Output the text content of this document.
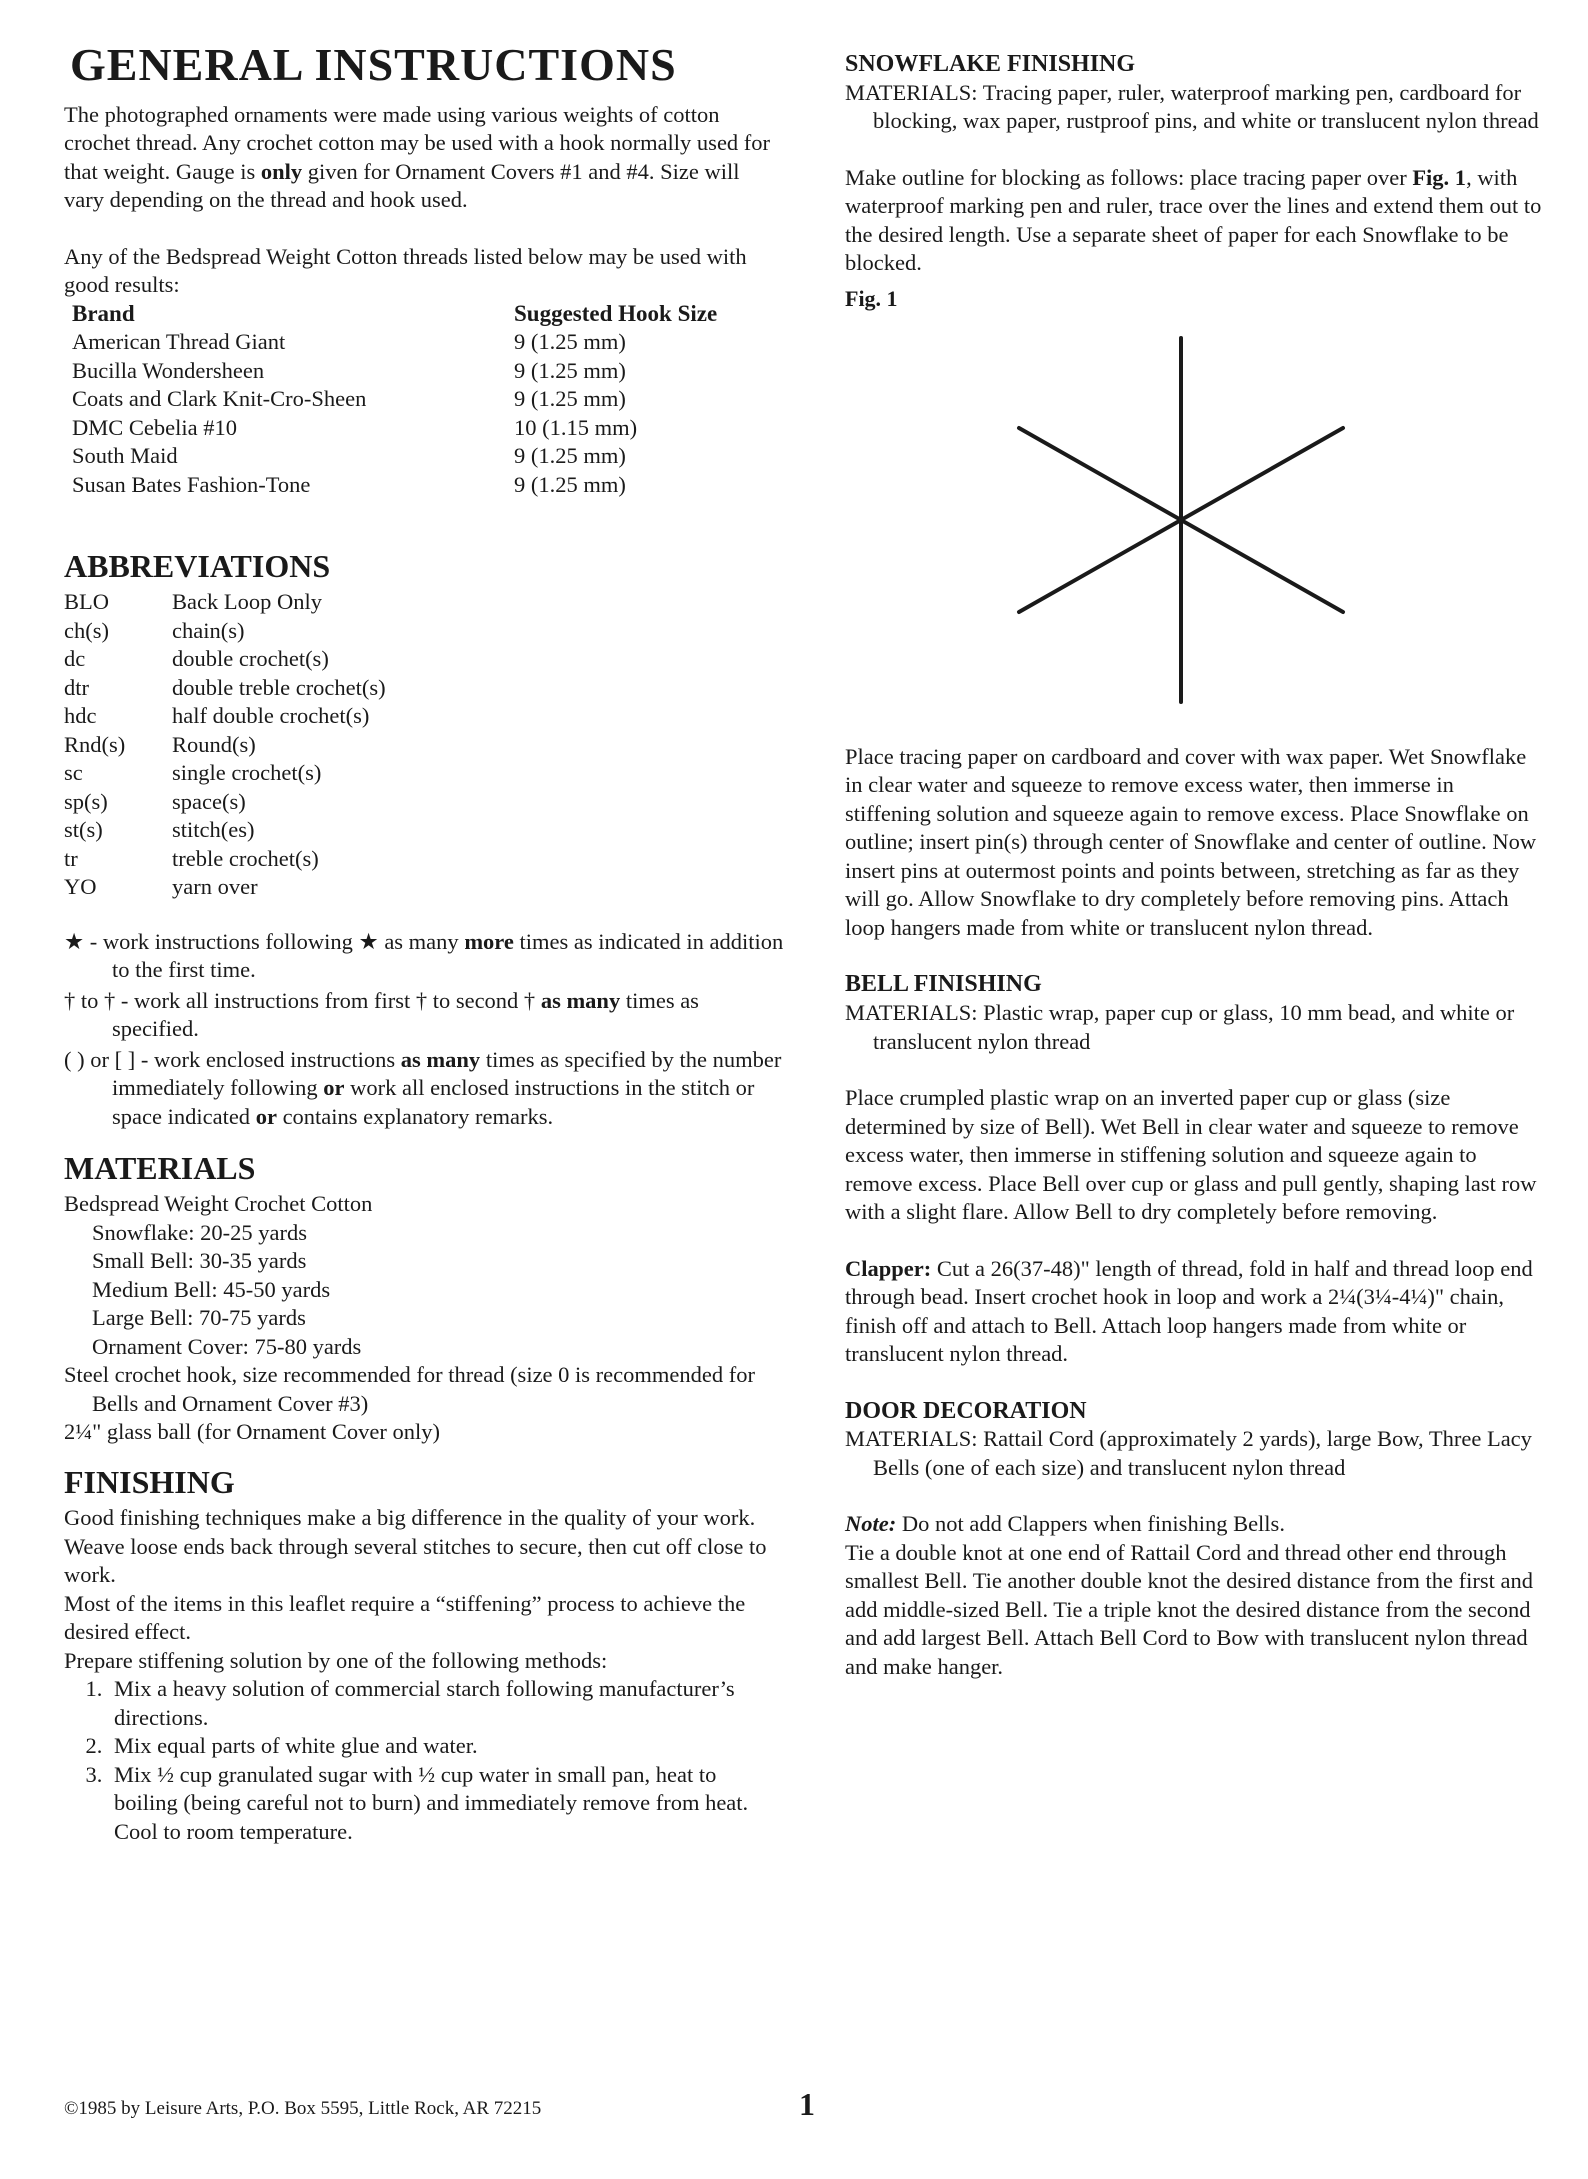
GENERAL INSTRUCTIONS

The photographed ornaments were made using various weights of cotton crochet thread. Any crochet cotton may be used with a hook normally used for that weight. Gauge is only given for Ornament Covers #1 and #4. Size will vary depending on the thread and hook used.

Any of the Bedspread Weight Cotton threads listed below may be used with good results:

Brand	Suggested Hook Size
American Thread Giant	9 (1.25 mm)
Bucilla Wondersheen	9 (1.25 mm)
Coats and Clark Knit-Cro-Sheen	9 (1.25 mm)
DMC Cebelia #10	10 (1.15 mm)
South Maid	9 (1.25 mm)
Susan Bates Fashion-Tone	9 (1.25 mm)
ABBREVIATIONS
BLO	Back Loop Only
ch(s)	chain(s)
dc	double crochet(s)
dtr	double treble crochet(s)
hdc	half double crochet(s)
Rnd(s)	Round(s)
sc	single crochet(s)
sp(s)	space(s)
st(s)	stitch(es)
tr	treble crochet(s)
YO	yarn over

★ - work instructions following ★ as many more times as indicated in addition to the first time.

† to † - work all instructions from first † to second † as many times as specified.

( ) or [ ] - work enclosed instructions as many times as specified by the number immediately following or work all enclosed instructions in the stitch or space indicated or contains explanatory remarks.

MATERIALS
Bedspread Weight Crochet Cotton
Snowflake: 20-25 yards
Small Bell: 30-35 yards
Medium Bell: 45-50 yards
Large Bell: 70-75 yards
Ornament Cover: 75-80 yards
Steel crochet hook, size recommended for thread (size 0 is recommended for Bells and Ornament Cover #3)
2¼" glass ball (for Ornament Cover only)
FINISHING

Good finishing techniques make a big difference in the quality of your work. Weave loose ends back through several stitches to secure, then cut off close to work.

Most of the items in this leaflet require a “stiffening” process to achieve the desired effect.

Prepare stiffening solution by one of the following methods:

1. Mix a heavy solution of commercial starch following manufacturer’s directions.
2. Mix equal parts of white glue and water.
3. Mix ½ cup granulated sugar with ½ cup water in small pan, heat to boiling (being careful not to burn) and immediately remove from heat. Cool to room temperature.
SNOWFLAKE FINISHING

MATERIALS: Tracing paper, ruler, waterproof marking pen, cardboard for blocking, wax paper, rustproof pins, and white or translucent nylon thread

Make outline for blocking as follows: place tracing paper over Fig. 1, with waterproof marking pen and ruler, trace over the lines and extend them out to the desired length. Use a separate sheet of paper for each Snowflake to be blocked.

Fig. 1

Place tracing paper on cardboard and cover with wax paper. Wet Snowflake in clear water and squeeze to remove excess water, then immerse in stiffening solution and squeeze again to remove excess. Place Snowflake on outline; insert pin(s) through center of Snowflake and center of outline. Now insert pins at outermost points and points between, stretching as far as they will go. Allow Snowflake to dry completely before removing pins. Attach loop hangers made from white or translucent nylon thread.

BELL FINISHING

MATERIALS: Plastic wrap, paper cup or glass, 10 mm bead, and white or translucent nylon thread

Place crumpled plastic wrap on an inverted paper cup or glass (size determined by size of Bell). Wet Bell in clear water and squeeze to remove excess water, then immerse in stiffening solution and squeeze again to remove excess. Place Bell over cup or glass and pull gently, shaping last row with a slight flare. Allow Bell to dry completely before removing.

Clapper: Cut a 26(37-48)" length of thread, fold in half and thread loop end through bead. Insert crochet hook in loop and work a 2¼(3¼-4¼)" chain, finish off and attach to Bell. Attach loop hangers made from white or translucent nylon thread.

DOOR DECORATION

MATERIALS: Rattail Cord (approximately 2 yards), large Bow, Three Lacy Bells (one of each size) and translucent nylon thread

Note: Do not add Clappers when finishing Bells.

Tie a double knot at one end of Rattail Cord and thread other end through smallest Bell. Tie another double knot the desired distance from the first and add middle-sized Bell. Tie a triple knot the desired distance from the second and add largest Bell. Attach Bell Cord to Bow with translucent nylon thread and make hanger.

©1985 by Leisure Arts, P.O. Box 5595, Little Rock, AR 72215	1
